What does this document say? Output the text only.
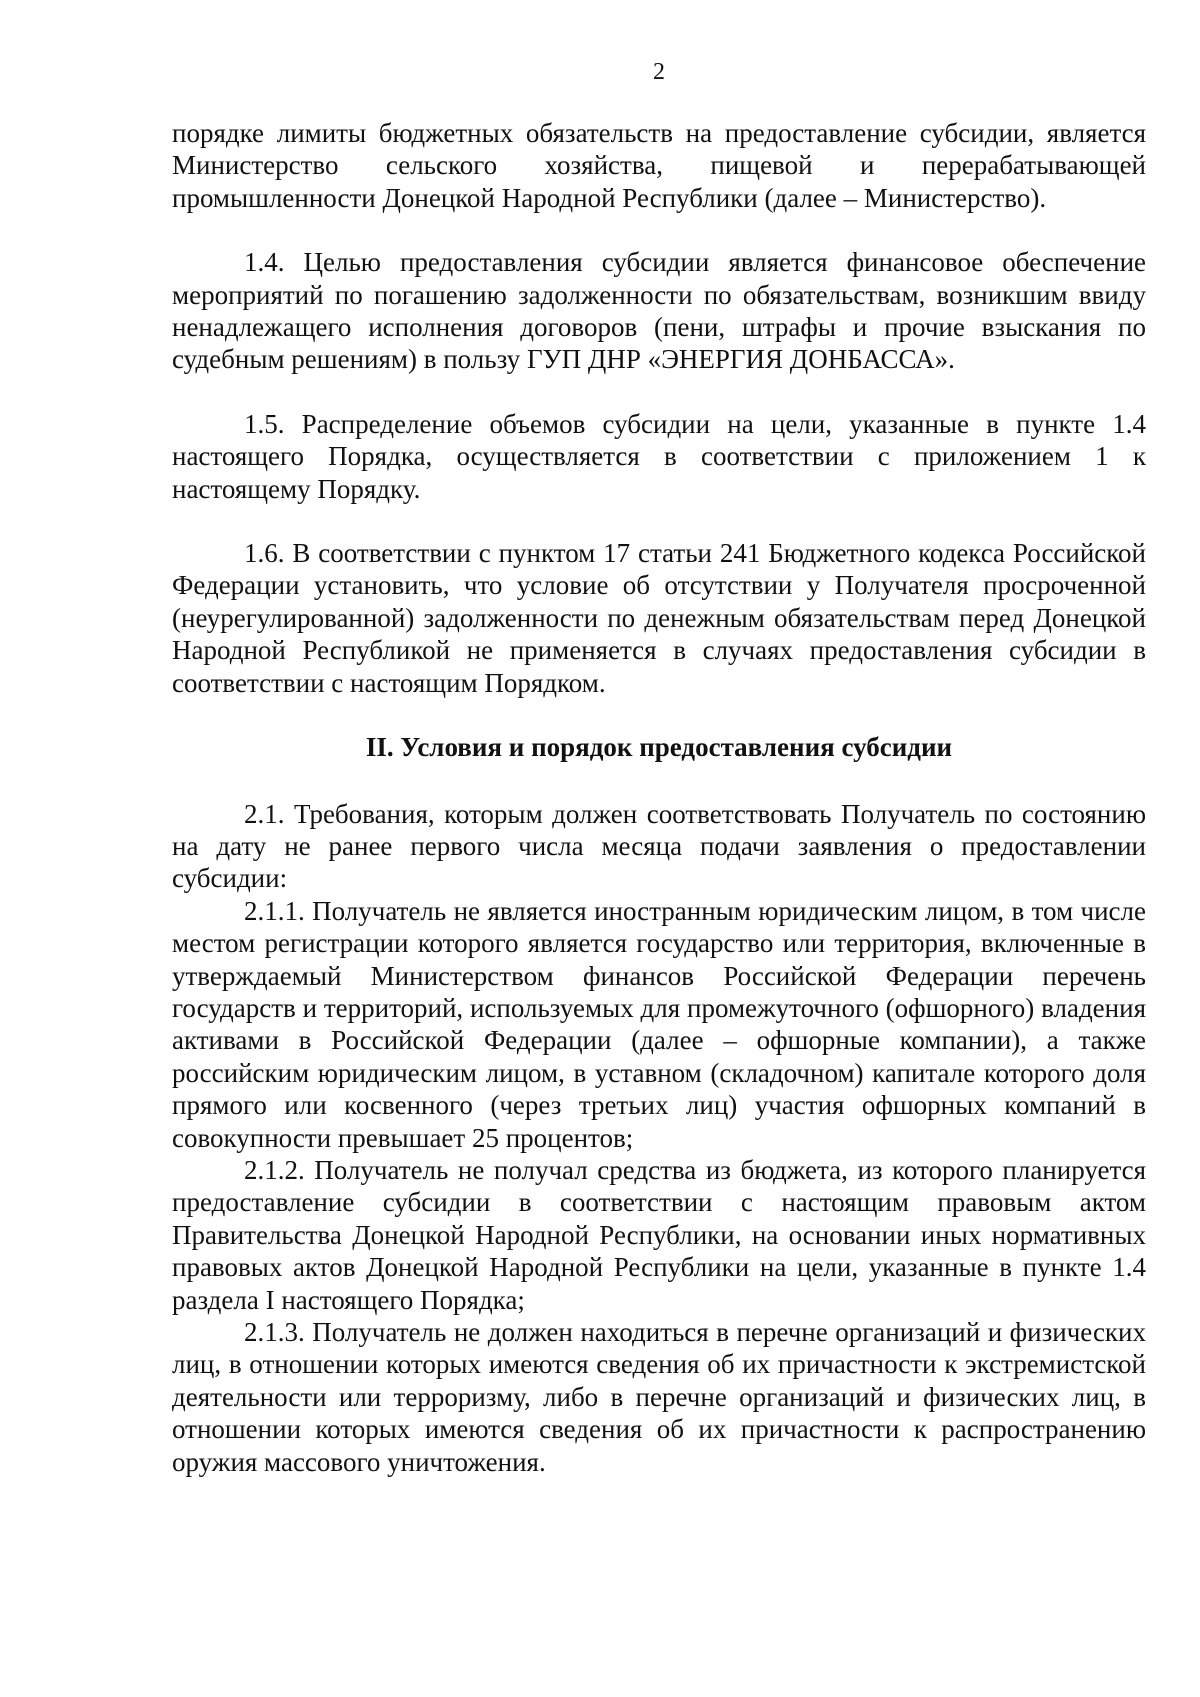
2

порядке лимиты бюджетных обязательств на предоставление субсидии, является Министерство сельского хозяйства, пищевой и перерабатывающей промышленности Донецкой Народной Республики (далее – Министерство).

1.4. Целью предоставления субсидии является финансовое обеспечение мероприятий по погашению задолженности по обязательствам, возникшим ввиду ненадлежащего исполнения договоров (пени, штрафы и прочие взыскания по судебным решениям) в пользу ГУП ДНР «ЭНЕРГИЯ ДОНБАССА».

1.5. Распределение объемов субсидии на цели, указанные в пункте 1.4 настоящего Порядка, осуществляется в соответствии с приложением 1 к настоящему Порядку.

1.6. В соответствии с пунктом 17 статьи 241 Бюджетного кодекса Российской Федерации установить, что условие об отсутствии у Получателя просроченной (неурегулированной) задолженности по денежным обязательствам перед Донецкой Народной Республикой не применяется в случаях предоставления субсидии в соответствии с настоящим Порядком.

II. Условия и порядок предоставления субсидии

2.1. Требования, которым должен соответствовать Получатель по состоянию на дату не ранее первого числа месяца подачи заявления о предоставлении субсидии:

2.1.1. Получатель не является иностранным юридическим лицом, в том числе местом регистрации которого является государство или территория, включенные в утверждаемый Министерством финансов Российской Федерации перечень государств и территорий, используемых для промежуточного (офшорного) владения активами в Российской Федерации (далее – офшорные компании), а также российским юридическим лицом, в уставном (складочном) капитале которого доля прямого или косвенного (через третьих лиц) участия офшорных компаний в совокупности превышает 25 процентов;

2.1.2. Получатель не получал средства из бюджета, из которого планируется предоставление субсидии в соответствии с настоящим правовым актом Правительства Донецкой Народной Республики, на основании иных нормативных правовых актов Донецкой Народной Республики на цели, указанные в пункте 1.4 раздела I настоящего Порядка;

2.1.3. Получатель не должен находиться в перечне организаций и физических лиц, в отношении которых имеются сведения об их причастности к экстремистской деятельности или терроризму, либо в перечне организаций и физических лиц, в отношении которых имеются сведения об их причастности к распространению оружия массового уничтожения.
